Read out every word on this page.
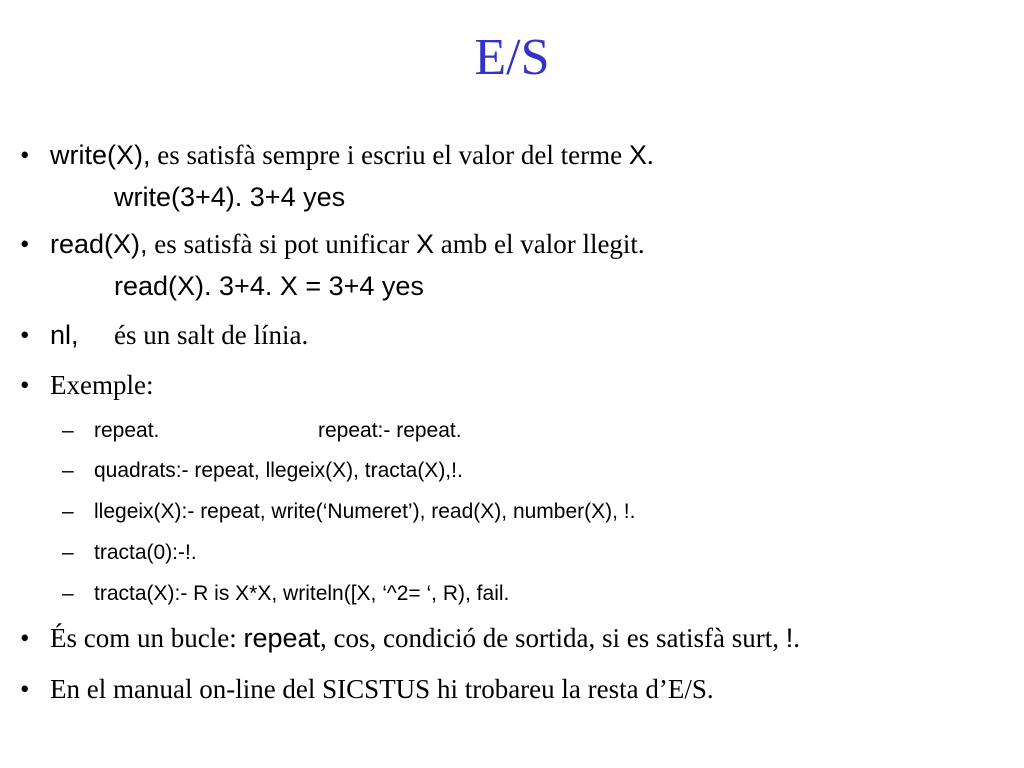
E/S
• write(X), es satisfà sempre i escriu el valor del terme X.
write(3+4). 3+4 yes
• read(X), es satisfà si pot unificar X amb el valor llegit.
read(X). 3+4. X = 3+4 yes
• nl, és un salt de línia.
• Exemple:
– repeat.	repeat:- repeat.
– quadrats:- repeat, llegeix(X), tracta(X),!.
– llegeix(X):- repeat, write(‘Numeret’), read(X), number(X), !.
– tracta(0):-!.
– tracta(X):- R is X*X, writeln([X, ‘^2= ‘, R), fail.
• És com un bucle: repeat, cos, condició de sortida, si es satisfà surt, !.
• En el manual on-line del SICSTUS hi trobareu la resta d’E/S.
